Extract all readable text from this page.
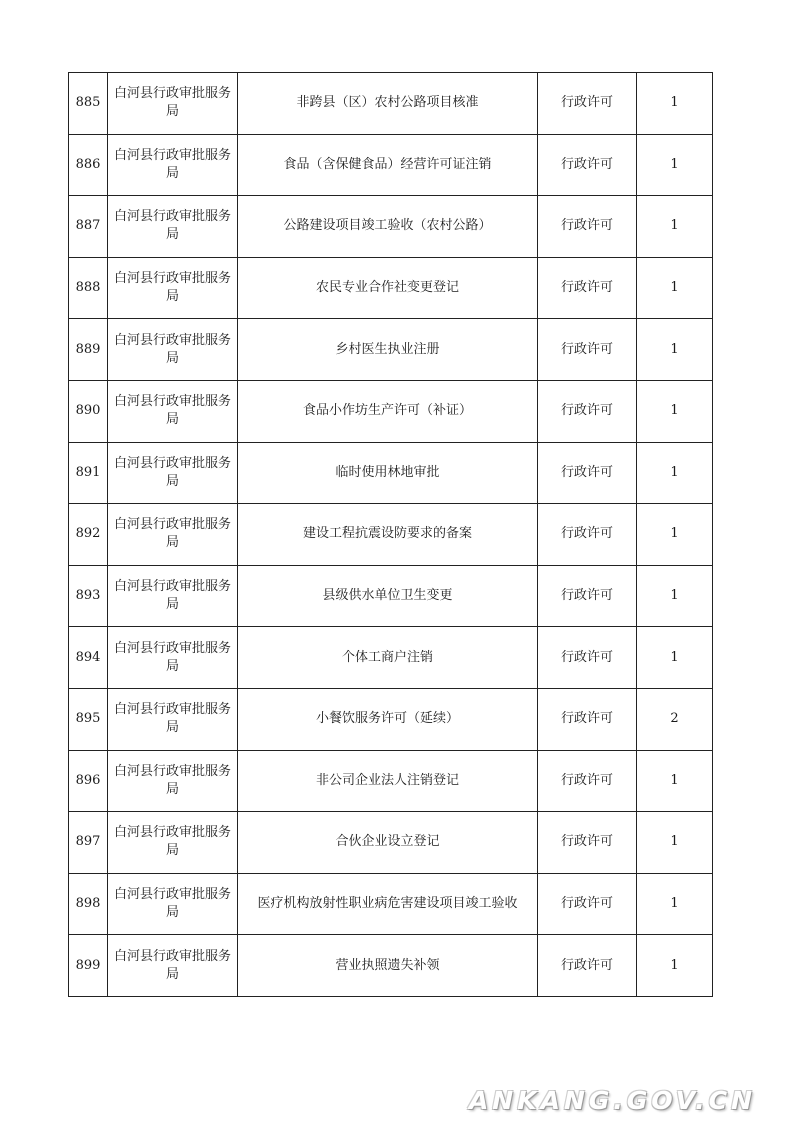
885	白河县行政审批服务局	非跨县（区）农村公路项目核准	行政许可	1
886	白河县行政审批服务局	食品（含保健食品）经营许可证注销	行政许可	1
887	白河县行政审批服务局	公路建设项目竣工验收（农村公路）	行政许可	1
888	白河县行政审批服务局	农民专业合作社变更登记	行政许可	1
889	白河县行政审批服务局	乡村医生执业注册	行政许可	1
890	白河县行政审批服务局	食品小作坊生产许可（补证）	行政许可	1
891	白河县行政审批服务局	临时使用林地审批	行政许可	1
892	白河县行政审批服务局	建设工程抗震设防要求的备案	行政许可	1
893	白河县行政审批服务局	县级供水单位卫生变更	行政许可	1
894	白河县行政审批服务局	个体工商户注销	行政许可	1
895	白河县行政审批服务局	小餐饮服务许可（延续）	行政许可	2
896	白河县行政审批服务局	非公司企业法人注销登记	行政许可	1
897	白河县行政审批服务局	合伙企业设立登记	行政许可	1
898	白河县行政审批服务局	医疗机构放射性职业病危害建设项目竣工验收	行政许可	1
899	白河县行政审批服务局	营业执照遗失补领	行政许可	1
ANKANG.GOV.CN
